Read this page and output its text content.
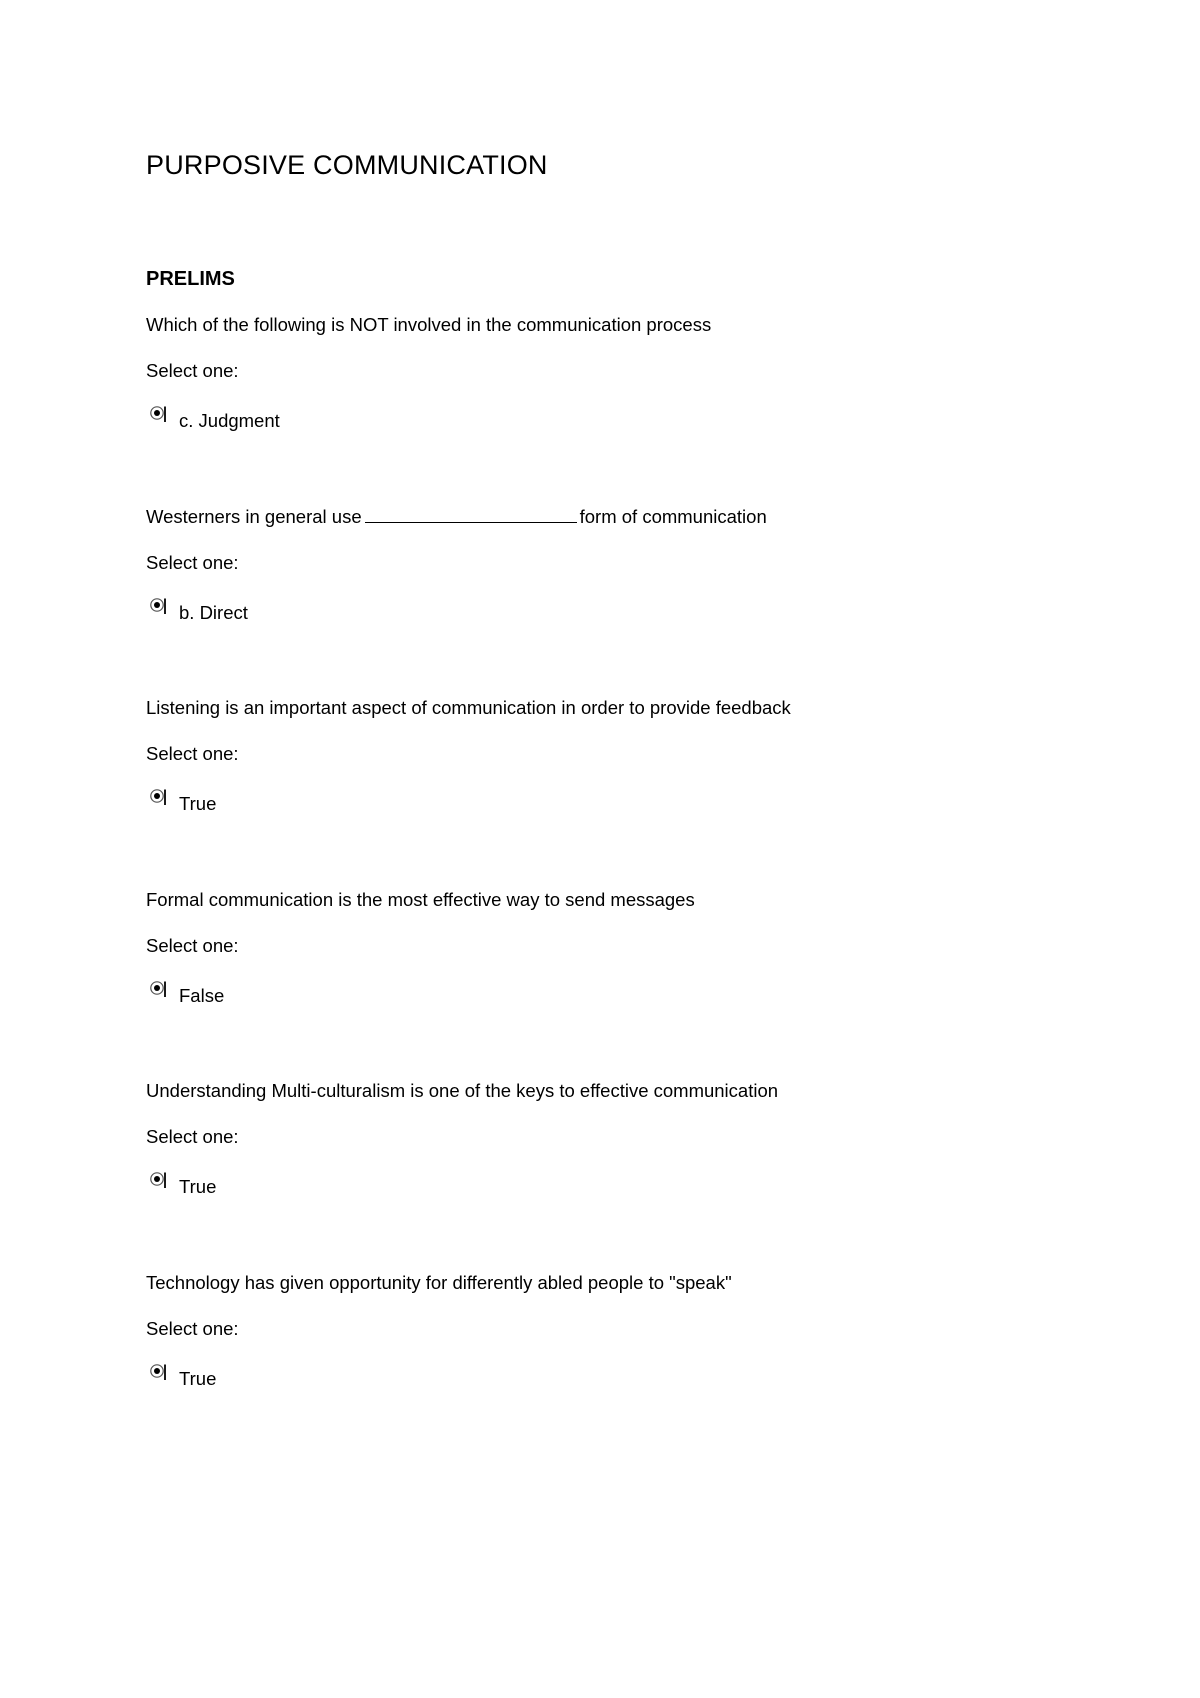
PURPOSIVE COMMUNICATION
PRELIMS
Which of the following is NOT involved in the communication process
Select one:
c. Judgment
Westerners in general use	form of communication
Select one:
b. Direct
Listening is an important aspect of communication in order to provide feedback
Select one:
True
Formal communication is the most effective way to send messages
Select one:
False
Understanding Multi-culturalism is one of the keys to effective communication
Select one:
True
Technology has given opportunity for differently abled people to "speak"
Select one:
True
